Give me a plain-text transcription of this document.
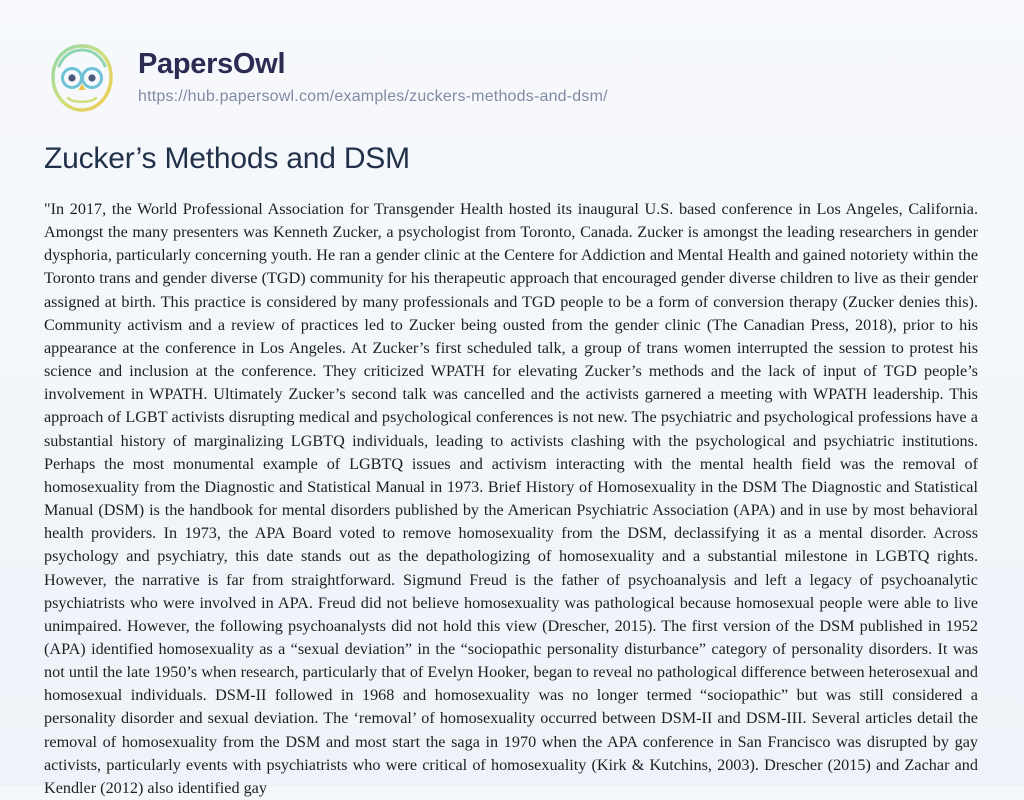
PapersOwl
https://hub.papersowl.com/examples/zuckers-methods-and-dsm/
Zucker’s Methods and DSM
"In 2017, the World Professional Association for Transgender Health hosted its inaugural U.S. based conference in Los Angeles, California. Amongst the many presenters was Kenneth Zucker, a psychologist from Toronto, Canada. Zucker is amongst the leading researchers in gender dysphoria, particularly concerning youth. He ran a gender clinic at the Centere for Addiction and Mental Health and gained notoriety within the Toronto trans and gender diverse (TGD) community for his therapeutic approach that encouraged gender diverse children to live as their gender assigned at birth. This practice is considered by many professionals and TGD people to be a form of conversion therapy (Zucker denies this). Community activism and a review of practices led to Zucker being ousted from the gender clinic (The Canadian Press, 2018), prior to his appearance at the conference in Los Angeles. At Zucker’s first scheduled talk, a group of trans women interrupted the session to protest his science and inclusion at the conference. They criticized WPATH for elevating Zucker’s methods and the lack of input of TGD people’s involvement in WPATH. Ultimately Zucker’s second talk was cancelled and the activists garnered a meeting with WPATH leadership. This approach of LGBT activists disrupting medical and psychological conferences is not new. The psychiatric and psychological professions have a substantial history of marginalizing LGBTQ individuals, leading to activists clashing with the psychological and psychiatric institutions. Perhaps the most monumental example of LGBTQ issues and activism interacting with the mental health field was the removal of homosexuality from the Diagnostic and Statistical Manual in 1973. Brief History of Homosexuality in the DSM The Diagnostic and Statistical Manual (DSM) is the handbook for mental disorders published by the American Psychiatric Association (APA) and in use by most behavioral health providers. In 1973, the APA Board voted to remove homosexuality from the DSM, declassifying it as a mental disorder. Across psychology and psychiatry, this date stands out as the depathologizing of homosexuality and a substantial milestone in LGBTQ rights. However, the narrative is far from straightforward. Sigmund Freud is the father of psychoanalysis and left a legacy of psychoanalytic psychiatrists who were involved in APA. Freud did not believe homosexuality was pathological because homosexual people were able to live unimpaired. However, the following psychoanalysts did not hold this view (Drescher, 2015). The first version of the DSM published in 1952 (APA) identified homosexuality as a “sexual deviation” in the “sociopathic personality disturbance” category of personality disorders. It was not until the late 1950’s when research, particularly that of Evelyn Hooker, began to reveal no pathological difference between heterosexual and homosexual individuals. DSM-II followed in 1968 and homosexuality was no longer termed “sociopathic” but was still considered a personality disorder and sexual deviation. The ‘removal’ of homosexuality occurred between DSM-II and DSM-III. Several articles detail the removal of homosexuality from the DSM and most start the saga in 1970 when the APA conference in San Francisco was disrupted by gay activists, particularly events with psychiatrists who were critical of homosexuality (Kirk & Kutchins, 2003). Drescher (2015) and Zachar and Kendler (2012) also identified gay
